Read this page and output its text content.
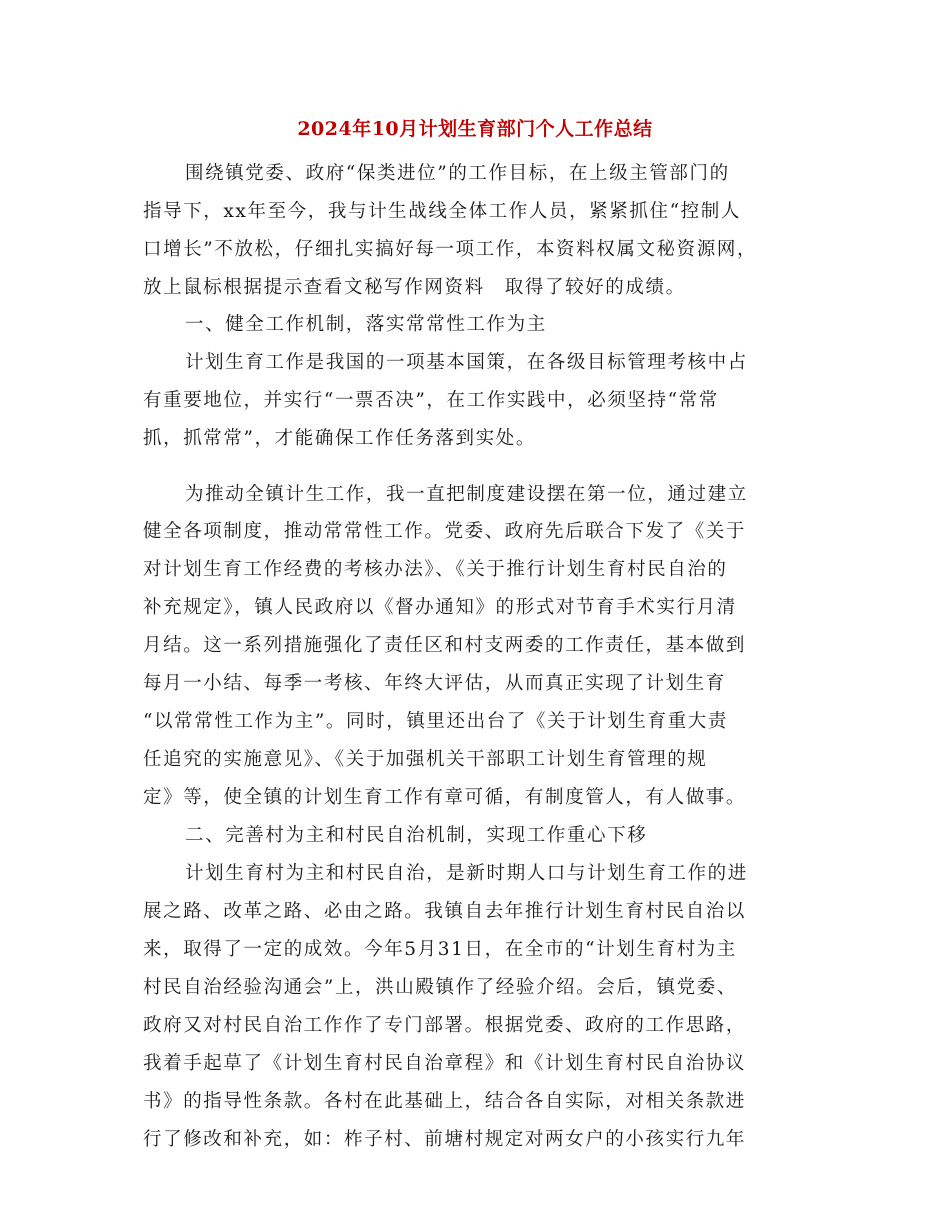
2024年10月计划生育部门个人工作总结
围绕镇党委、政府“保类进位”的工作目标，在上级主管部门的
指导下，xx年至今，我与计生战线全体工作人员，紧紧抓住“控制人
口增长”不放松，仔细扎实搞好每一项工作，本资料权属文秘资源网，
放上鼠标根据提示查看文秘写作网资料　取得了较好的成绩。
一、健全工作机制，落实常常性工作为主
计划生育工作是我国的一项基本国策，在各级目标管理考核中占
有重要地位，并实行“一票否决”，在工作实践中，必须坚持“常常
抓，抓常常”，才能确保工作任务落到实处。
为推动全镇计生工作，我一直把制度建设摆在第一位，通过建立
健全各项制度，推动常常性工作。党委、政府先后联合下发了《关于
对计划生育工作经费的考核办法》、《关于推行计划生育村民自治的
补充规定》，镇人民政府以《督办通知》的形式对节育手术实行月清
月结。这一系列措施强化了责任区和村支两委的工作责任，基本做到
每月一小结、每季一考核、年终大评估，从而真正实现了计划生育
“以常常性工作为主”。同时，镇里还出台了《关于计划生育重大责
任追究的实施意见》、《关于加强机关干部职工计划生育管理的规
定》等，使全镇的计划生育工作有章可循，有制度管人，有人做事。
二、完善村为主和村民自治机制，实现工作重心下移
计划生育村为主和村民自治，是新时期人口与计划生育工作的进
展之路、改革之路、必由之路。我镇自去年推行计划生育村民自治以
来，取得了一定的成效。今年5月31日，在全市的“计划生育村为主
村民自治经验沟通会”上，洪山殿镇作了经验介绍。会后，镇党委、
政府又对村民自治工作作了专门部署。根据党委、政府的工作思路，
我着手起草了《计划生育村民自治章程》和《计划生育村民自治协议
书》的指导性条款。各村在此基础上，结合各自实际，对相关条款进
行了修改和补充，如：柞子村、前塘村规定对两女户的小孩实行九年
